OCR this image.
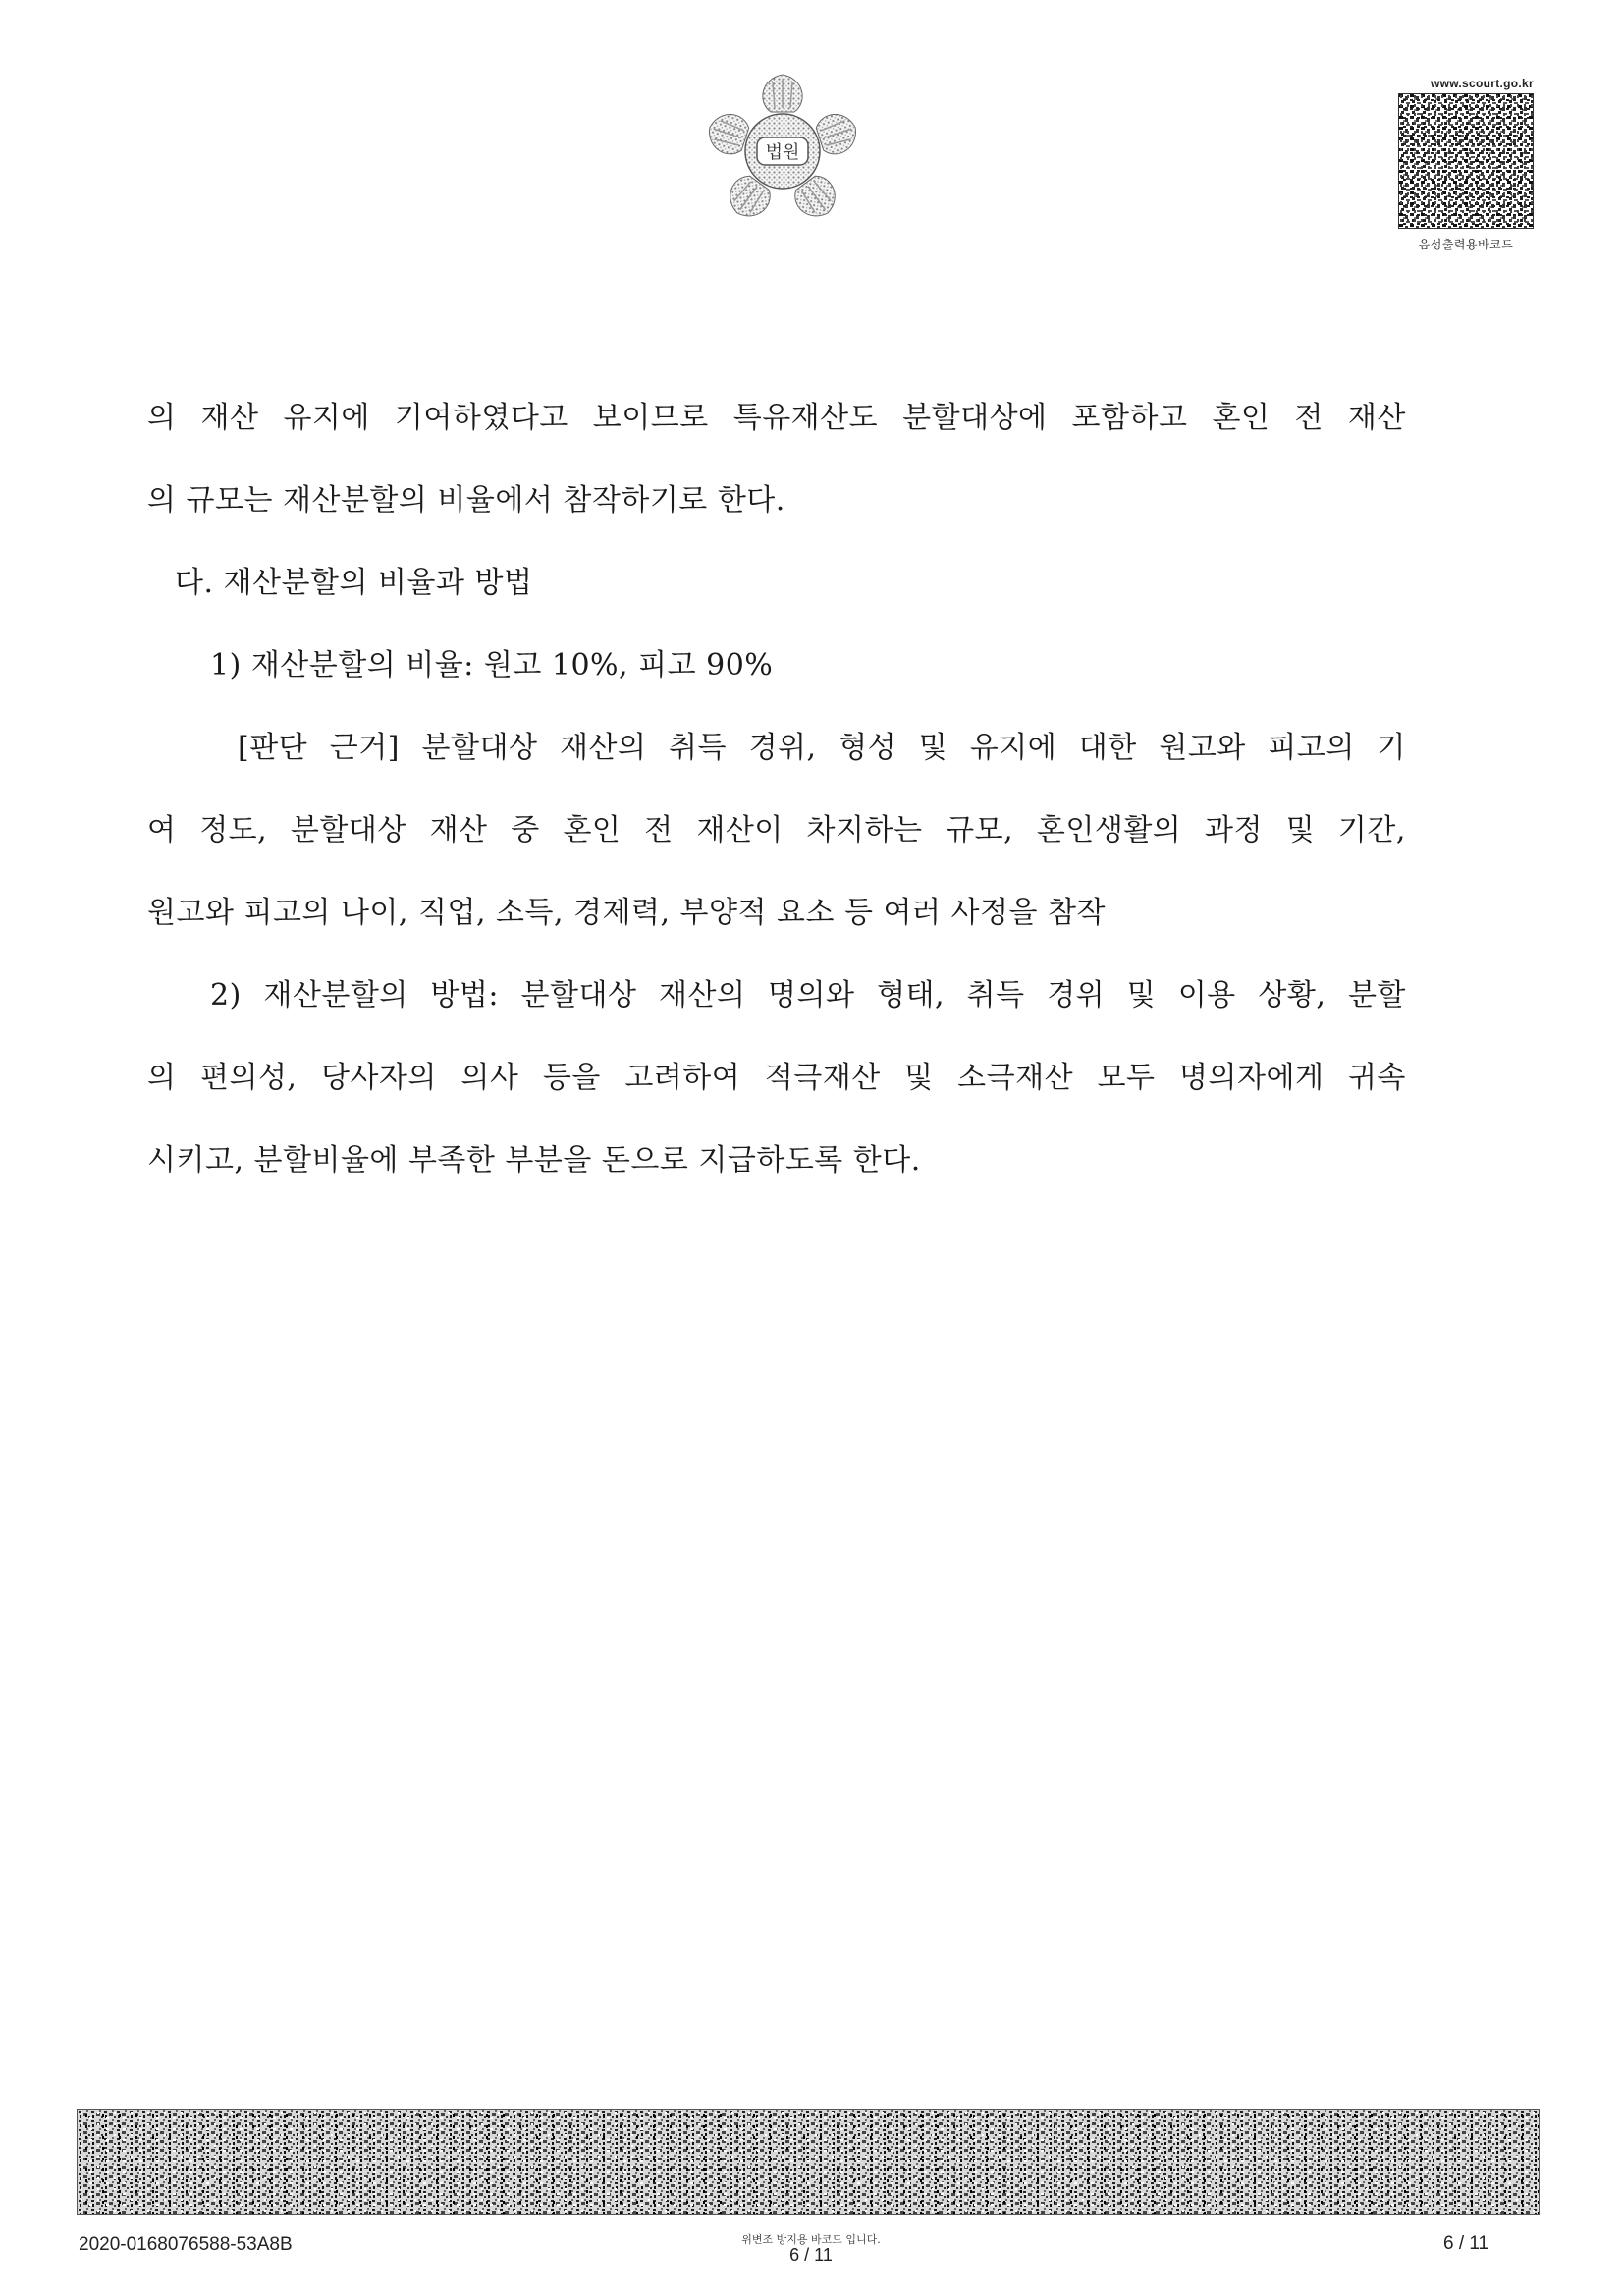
법원
www.scourt.go.kr
음성출력용바코드
의 재산 유지에 기여하였다고 보이므로 특유재산도 분할대상에 포함하고 혼인 전 재산
의 규모는 재산분할의 비율에서 참작하기로 한다.
다. 재산분할의 비율과 방법
1) 재산분할의 비율: 원고 10%, 피고 90%
[판단 근거] 분할대상 재산의 취득 경위, 형성 및 유지에 대한 원고와 피고의 기
여 정도, 분할대상 재산 중 혼인 전 재산이 차지하는 규모, 혼인생활의 과정 및 기간,
원고와 피고의 나이, 직업, 소득, 경제력, 부양적 요소 등 여러 사정을 참작
2) 재산분할의 방법: 분할대상 재산의 명의와 형태, 취득 경위 및 이용 상황, 분할
의 편의성, 당사자의 의사 등을 고려하여 적극재산 및 소극재산 모두 명의자에게 귀속
시키고, 분할비율에 부족한 부분을 돈으로 지급하도록 한다.
2020-0168076588-53A8B	위변조 방지용 바코드 입니다.
6 / 11
6 / 11
